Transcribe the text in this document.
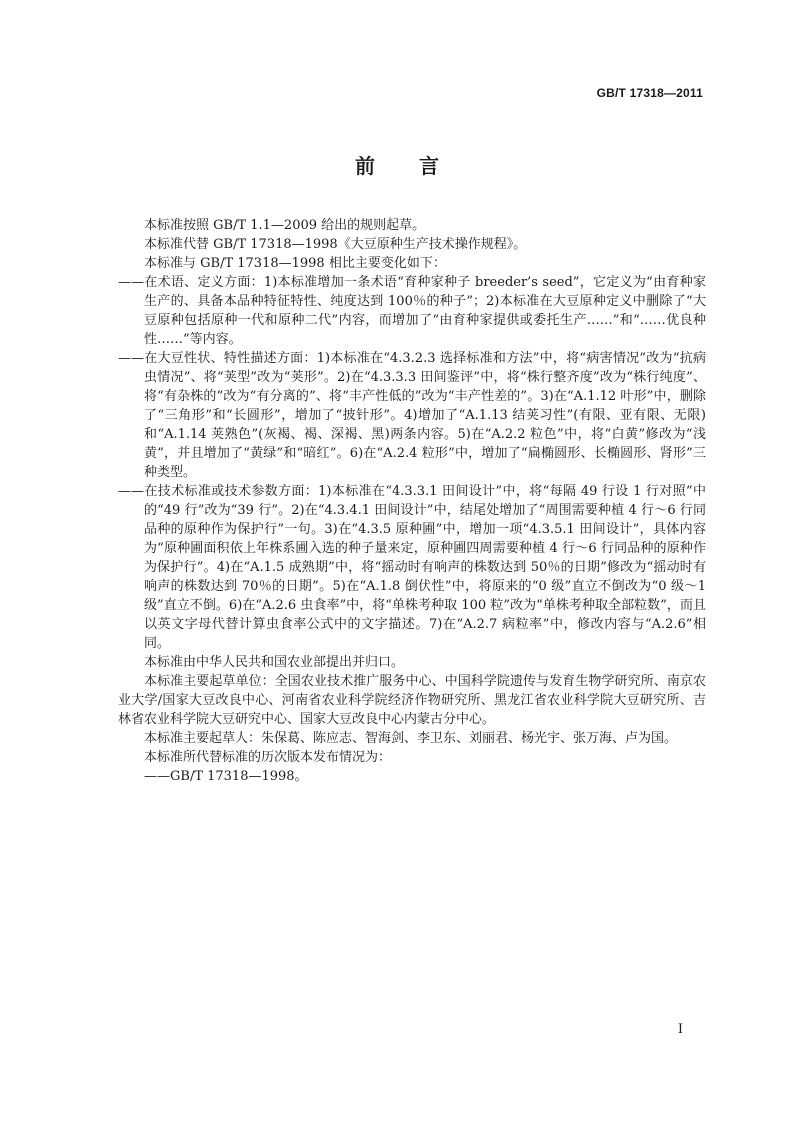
GB/T 17318—2011
前言

本标准按照 GB/T 1.1—2009 给出的规则起草。

本标准代替 GB/T 17318—1998《大豆原种生产技术操作规程》。

本标准与 GB/T 17318—1998 相比主要变化如下：

——在术语、定义方面：1)本标准增加一条术语“育种家种子 breeder’s seed”，它定义为“由育种家生产的、具备本品种特征特性、纯度达到 100％的种子”；2)本标准在大豆原种定义中删除了“大豆原种包括原种一代和原种二代”内容，而增加了“由育种家提供或委托生产……”和“……优良种性……”等内容。

——在大豆性状、特性描述方面：1)本标准在“4.3.2.3 选择标准和方法”中，将“病害情况”改为“抗病虫情况”、将“荚型”改为“荚形”。2)在“4.3.3.3 田间鉴评”中，将“株行整齐度”改为“株行纯度”、将“有杂株的”改为“有分离的”、将“丰产性低的”改为“丰产性差的”。3)在“A.1.12 叶形”中，删除了“三角形”和“长圆形”，增加了“披针形”。4)增加了“A.1.13 结荚习性”(有限、亚有限、无限)和“A.1.14 荚熟色”(灰褐、褐、深褐、黑)两条内容。5)在“A.2.2 粒色”中，将“白黄”修改为“浅黄”，并且增加了“黄绿”和“暗红”。6)在“A.2.4 粒形”中，增加了“扁椭圆形、长椭圆形、肾形”三种类型。

——在技术标准或技术参数方面：1)本标准在“4.3.3.1 田间设计”中，将“每隔 49 行设 1 行对照”中的“49 行”改为“39 行”。2)在“4.3.4.1 田间设计”中，结尾处增加了“周围需要种植 4 行～6 行同品种的原种作为保护行”一句。3)在“4.3.5 原种圃”中，增加一项“4.3.5.1 田间设计”，具体内容为“原种圃面积依上年株系圃入选的种子量来定，原种圃四周需要种植 4 行～6 行同品种的原种作为保护行”。4)在“A.1.5 成熟期”中，将“摇动时有响声的株数达到 50％的日期”修改为“摇动时有响声的株数达到 70％的日期”。5)在“A.1.8 倒伏性”中，将原来的“0 级”直立不倒改为“0 级～1 级”直立不倒。6)在“A.2.6 虫食率”中，将“单株考种取 100 粒”改为“单株考种取全部粒数”，而且以英文字母代替计算虫食率公式中的文字描述。7)在“A.2.7 病粒率”中，修改内容与“A.2.6”相同。

本标准由中华人民共和国农业部提出并归口。

本标准主要起草单位：全国农业技术推广服务中心、中国科学院遗传与发育生物学研究所、南京农业大学/国家大豆改良中心、河南省农业科学院经济作物研究所、黑龙江省农业科学院大豆研究所、吉林省农业科学院大豆研究中心、国家大豆改良中心内蒙古分中心。

本标准主要起草人：朱保葛、陈应志、智海剑、李卫东、刘丽君、杨光宇、张万海、卢为国。

本标准所代替标准的历次版本发布情况为：

——GB/T 17318—1998。

I
